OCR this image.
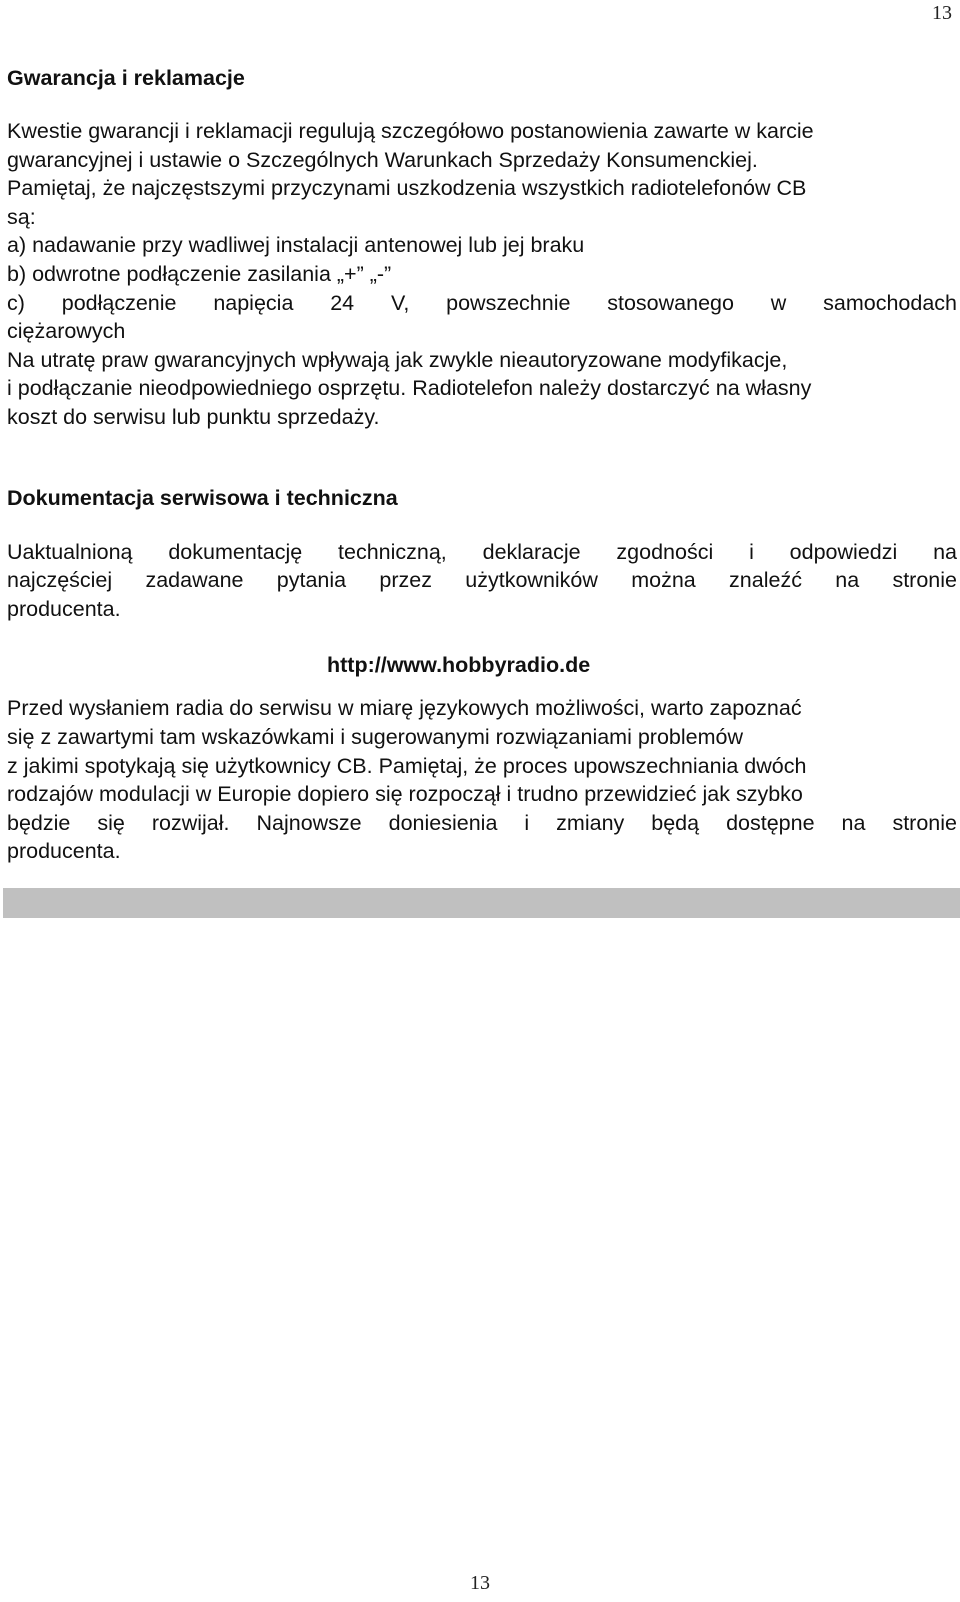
13
Gwarancja i reklamacje
Kwestie gwarancji i reklamacji regulują szczegółowo postanowienia zawarte w karcie
gwarancyjnej i ustawie o Szczególnych Warunkach Sprzedaży Konsumenckiej.
Pamiętaj, że najczęstszymi przyczynami uszkodzenia wszystkich radiotelefonów CB
są:
a) nadawanie przy wadliwej instalacji antenowej lub jej braku
b) odwrotne podłączenie zasilania „+” „-”
c) podłączenie napięcia 24 V, powszechnie stosowanego w samochodach
ciężarowych
Na utratę praw gwarancyjnych wpływają jak zwykle nieautoryzowane modyfikacje,
i podłączanie nieodpowiedniego osprzętu. Radiotelefon należy dostarczyć na własny
koszt do serwisu lub punktu sprzedaży.
Dokumentacja serwisowa i techniczna
Uaktualnioną dokumentację techniczną, deklaracje zgodności i odpowiedzi na
najczęściej zadawane pytania przez użytkowników można znaleźć na stronie
producenta.
http://www.hobbyradio.de
Przed wysłaniem radia do serwisu w miarę językowych możliwości, warto zapoznać
się z zawartymi tam wskazówkami i sugerowanymi rozwiązaniami problemów
z jakimi spotykają się użytkownicy CB. Pamiętaj, że proces upowszechniania dwóch
rodzajów modulacji w Europie dopiero się rozpoczął i trudno przewidzieć jak szybko
będzie się rozwijał. Najnowsze doniesienia i zmiany będą dostępne na stronie
producenta.
13
